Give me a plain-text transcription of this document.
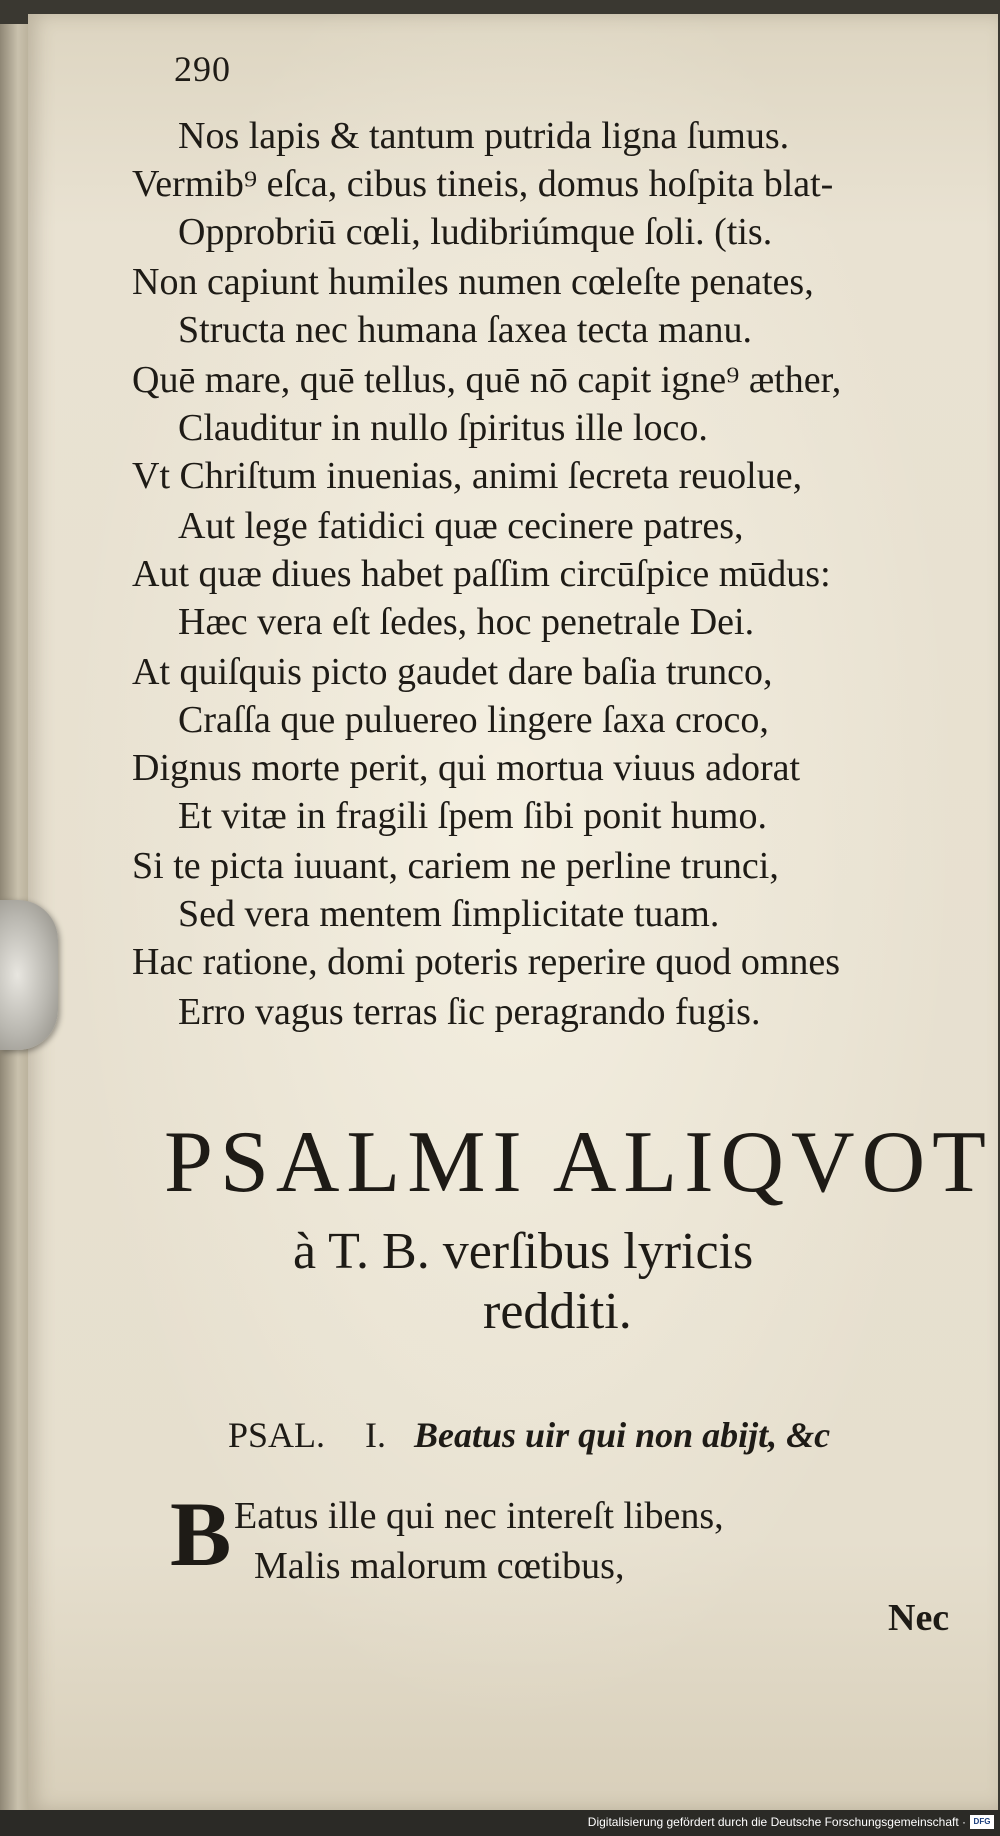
290
Nos lapis & tantum putrida ligna ſumus.
Vermib⁹ eſca, cibus tineis, domus hoſpita blat-
Opprobriū cœli, ludibriúmque ſoli. (tis.
Non capiunt humiles numen cœleſte penates,
Structa nec humana ſaxea tecta manu.
Quē mare, quē tellus, quē nō capit igne⁹ æther,
Clauditur in nullo ſpiritus ille loco.
Vt Chriſtum inuenias, animi ſecreta reuolue,
Aut lege fatidici quæ cecinere patres,
Aut quæ diues habet paſſim circūſpice mūdus:
Hæc vera eſt ſedes, hoc penetrale Dei.
At quiſquis picto gaudet dare baſia trunco,
Craſſa que puluereo lingere ſaxa croco,
Dignus morte perit, qui mortua viuus adorat
Et vitæ in fragili ſpem ſibi ponit humo.
Si te picta iuuant, cariem ne perline trunci,
Sed vera mentem ſimplicitate tuam.
Hac ratione, domi poteris reperire quod omnes
Erro vagus terras ſic peragrando fugis.
PSALMI ALIQVOT
à T. B. verſibus lyricis
redditi.
PSAL. I. Beatus uir qui non abijt, &c
B Eatus ille qui nec intereſt libens,
Malis malorum cœtibus,
Nec
Digitalisierung gefördert durch die Deutsche Forschungsgemeinschaft · DFG
